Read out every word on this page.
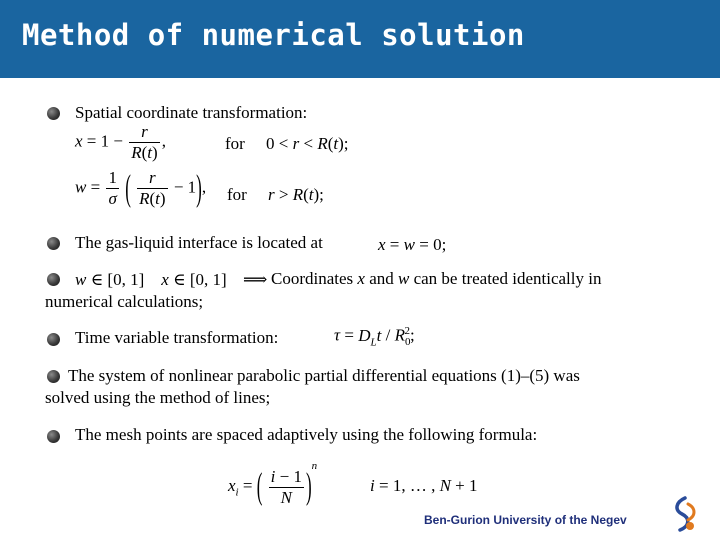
Method of numerical solution
Spatial coordinate transformation:
$x = 1 - \frac{r}{R(t)}$ ,	for 0 < r < R(t);
$w = \frac{1}{\sigma}$ ( $\frac{r}{R(t)} - 1$), for r > R(t);
The gas-liquid interface is located at	x = w = 0;
w ∈ [0, 1]    x ∈ [0, 1] ⟹ Coordinates x and w can be treated identically in
numerical calculations;
Time variable transformation:	$\tau = D_Lt / R_0^2$;
The system of nonlinear parabolic partial differential equations (1)–(5) was
solved using the method of lines;
The mesh points are spaced adaptively using the following formula:
$x_i$ = ( $\frac{i - 1}{N} )^n$
i = 1, … , N + 1
Ben-Gurion University of the Negev
